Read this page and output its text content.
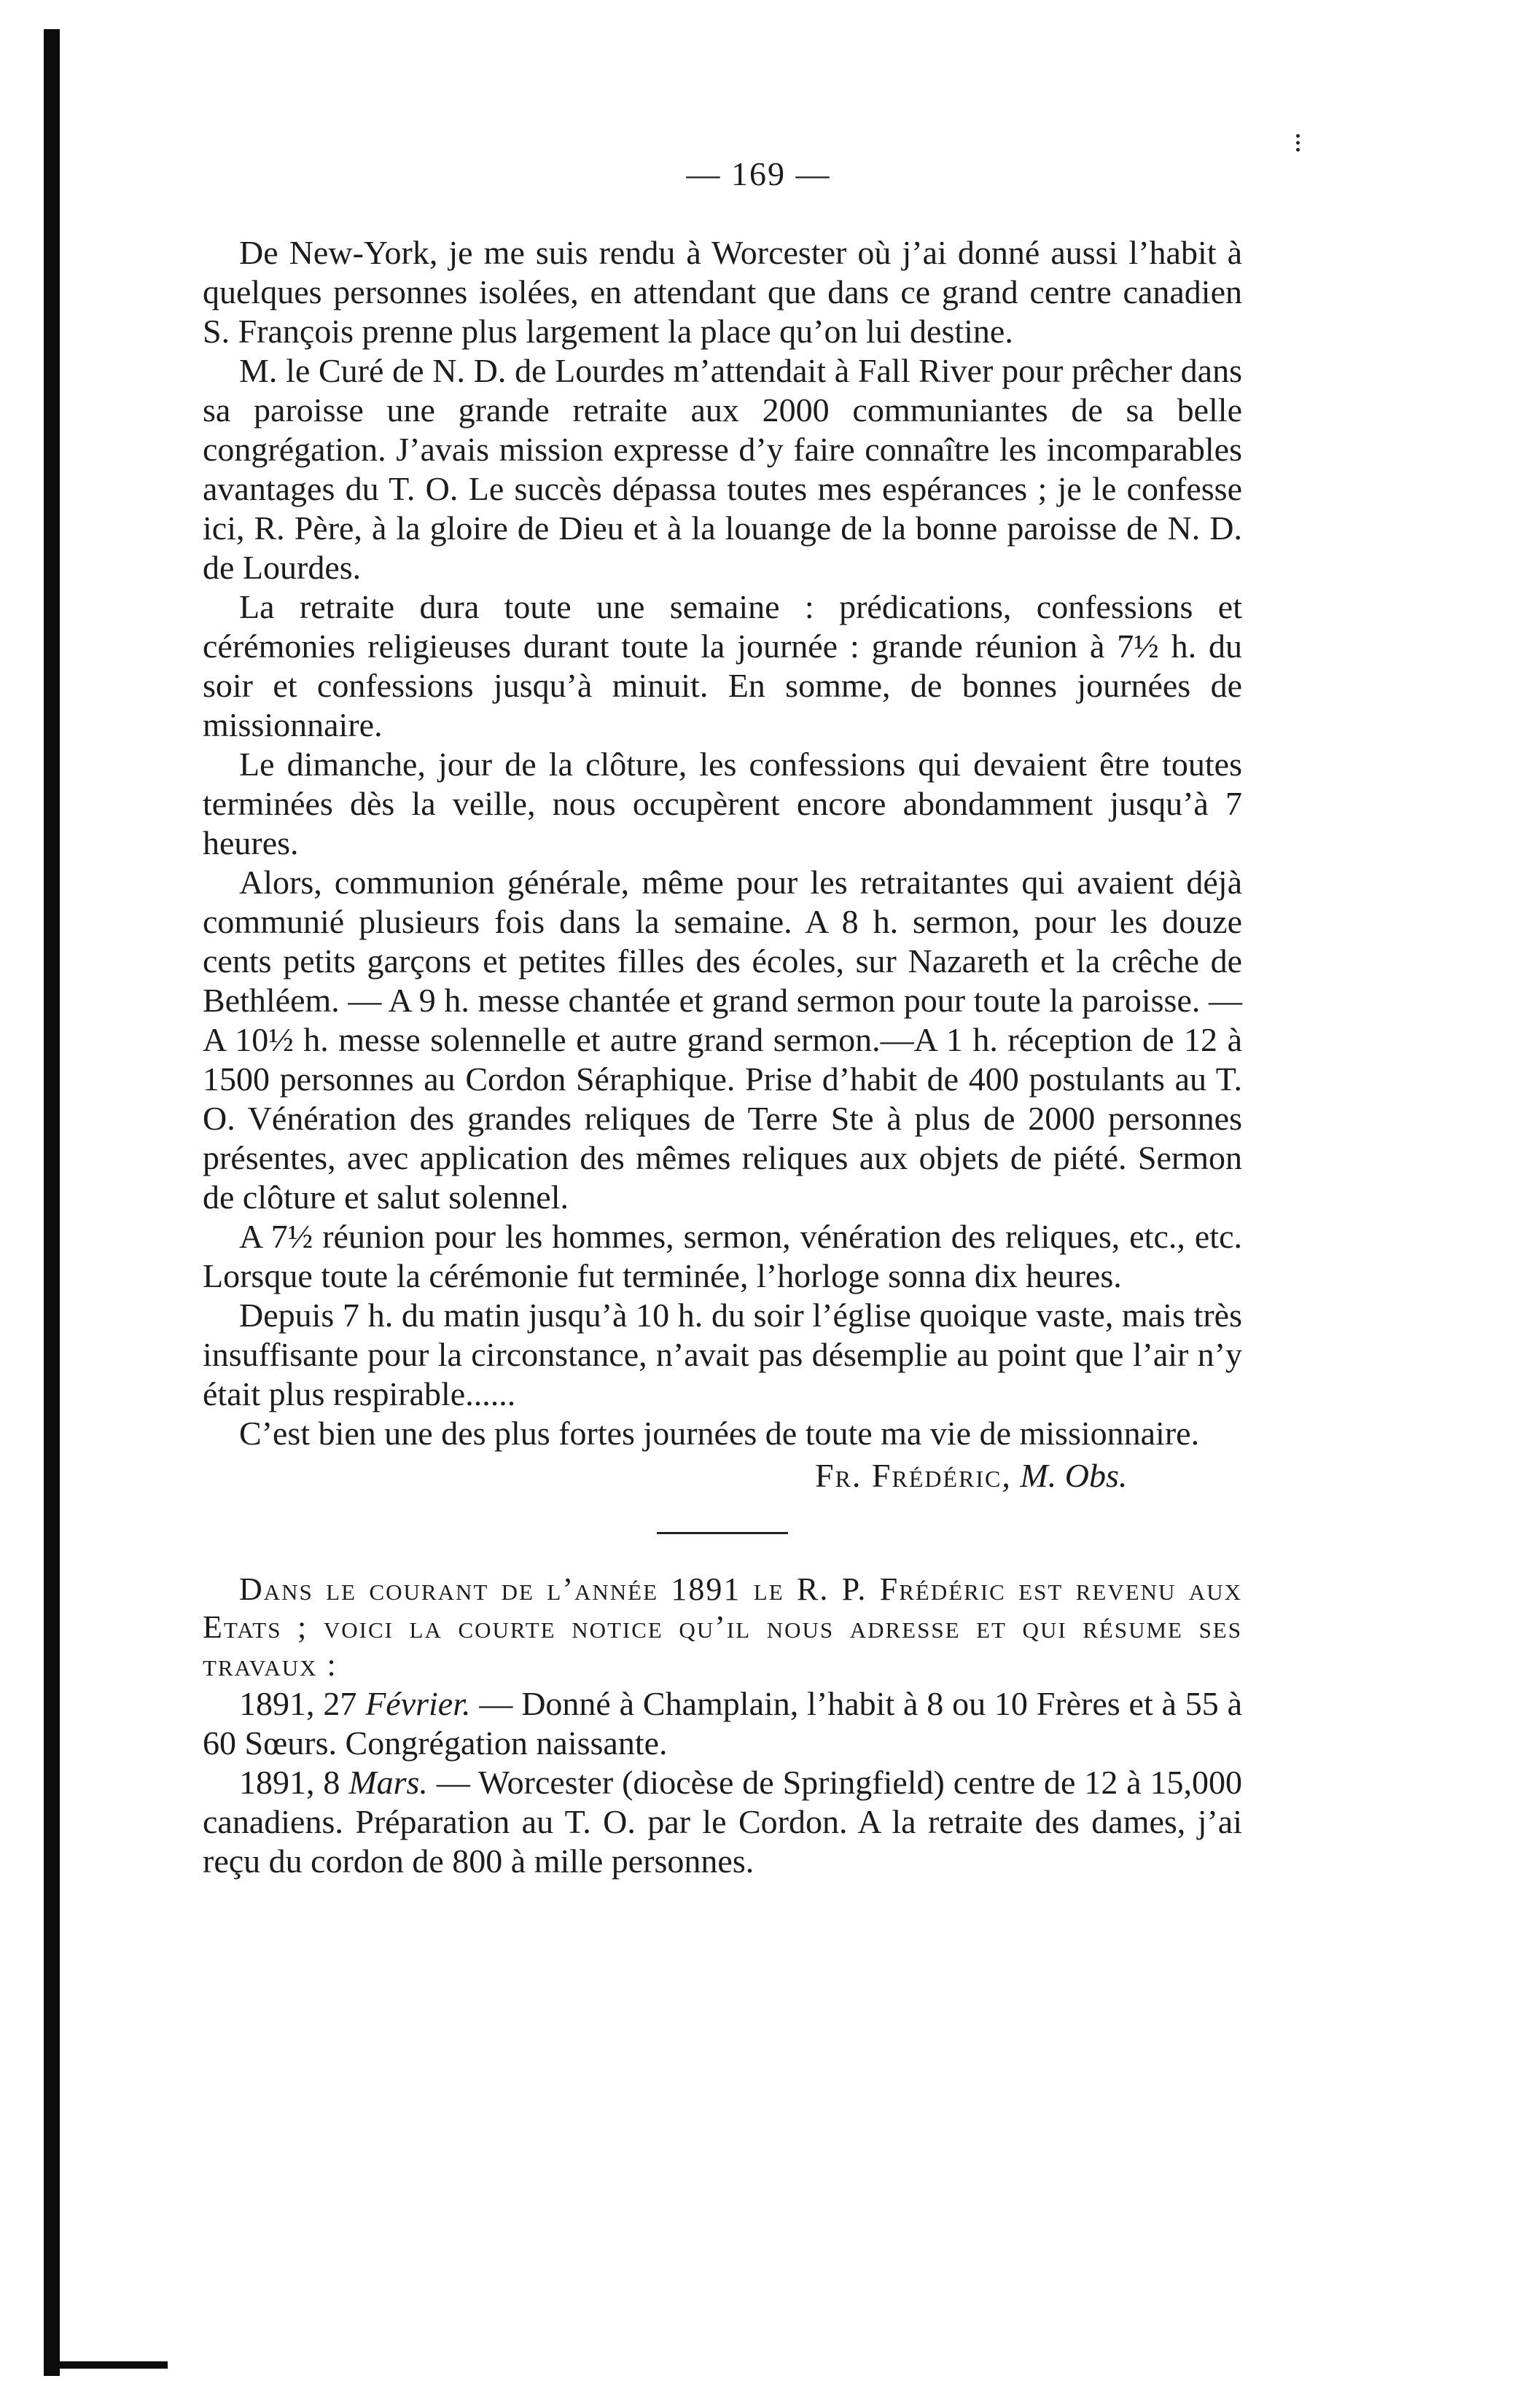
— 169 —

De New-York, je me suis rendu à Worcester où j’ai donné aussi l’habit à quelques personnes isolées, en attendant que dans ce grand centre canadien S. François prenne plus largement la place qu’on lui destine.

M. le Curé de N. D. de Lourdes m’attendait à Fall River pour prêcher dans sa paroisse une grande retraite aux 2000 communiantes de sa belle congrégation. J’avais mission expresse d’y faire connaître les incomparables avantages du T. O. Le succès dépassa toutes mes espérances ; je le confesse ici, R. Père, à la gloire de Dieu et à la louange de la bonne paroisse de N. D. de Lourdes.

La retraite dura toute une semaine : prédications, confessions et cérémonies religieuses durant toute la journée : grande réunion à 7½ h. du soir et confessions jusqu’à minuit. En somme, de bonnes journées de missionnaire.

Le dimanche, jour de la clôture, les confessions qui devaient être toutes terminées dès la veille, nous occupèrent encore abondamment jusqu’à 7 heures.

Alors, communion générale, même pour les retraitantes qui avaient déjà communié plusieurs fois dans la semaine. A 8 h. sermon, pour les douze cents petits garçons et petites filles des écoles, sur Nazareth et la crêche de Bethléem. — A 9 h. messe chantée et grand sermon pour toute la paroisse. — A 10½ h. messe solennelle et autre grand sermon.—A 1 h. réception de 12 à 1500 personnes au Cordon Séraphique. Prise d’habit de 400 postulants au T. O. Vénération des grandes reliques de Terre Ste à plus de 2000 personnes présentes, avec application des mêmes reliques aux objets de piété. Sermon de clôture et salut solennel.

A 7½ réunion pour les hommes, sermon, vénération des reliques, etc., etc. Lorsque toute la cérémonie fut terminée, l’horloge sonna dix heures.

Depuis 7 h. du matin jusqu’à 10 h. du soir l’église quoique vaste, mais très insuffisante pour la circonstance, n’avait pas désemplie au point que l’air n’y était plus respirable......

C’est bien une des plus fortes journées de toute ma vie de missionnaire.

Fr. Frédéric, M. Obs.

Dans le courant de l’année 1891 le R. P. Frédéric est revenu aux Etats ; voici la courte notice qu’il nous adresse et qui résume ses travaux :

1891, 27 Février. — Donné à Champlain, l’habit à 8 ou 10 Frères et à 55 à 60 Sœurs. Congrégation naissante.

1891, 8 Mars. — Worcester (diocèse de Springfield) centre de 12 à 15,000 canadiens. Préparation au T. O. par le Cordon. A la retraite des dames, j’ai reçu du cordon de 800 à mille personnes.
